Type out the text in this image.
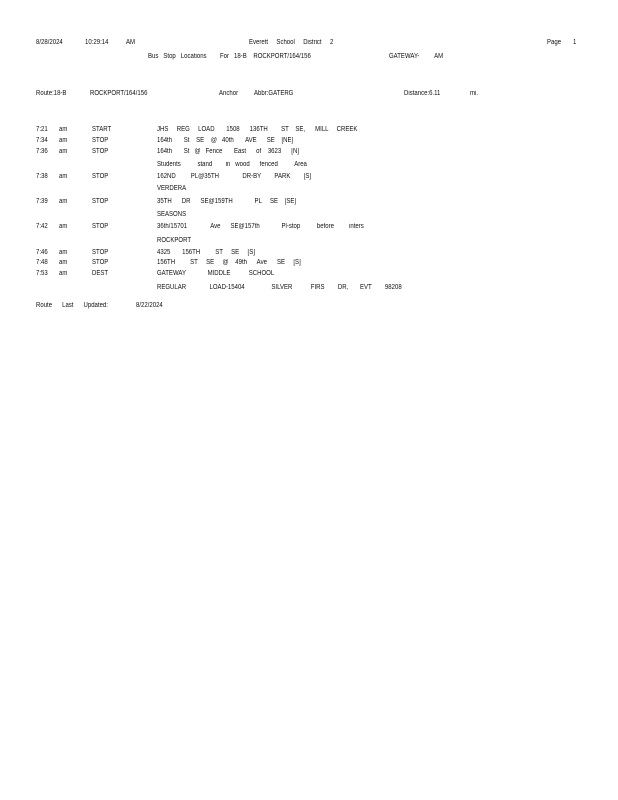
8/28/2024	10:29:14	AM	Everett     School     District     2	Page 1
Bus   Stop   Locations        For   18-B    ROCKPORT/164/156	GATEWAY-         AM
Route:18-B	ROCKPORT/164/156	Anchor Abbr:GATERG	Distance:6.11	mi.
7:21 am	START	JHS     REG     LOAD       1508      136TH        ST    SE,      MILL     CREEK
7:34 am	STOP	164th       St    SE    @   40th       AVE      SE    [NE]
7:36 am	STOP	164th       St   @   Fence       East      of    3623      [N]
Students          stand        in   wood      fenced          Area
7:38 am	STOP	162ND         PL@35TH              DR-BY        PARK        [S]
VERDERA
7:39 am	STOP	35TH      DR      SE@159TH             PL     SE    [SE]
SEASONS
7:42 am	STOP	36th/15701              Ave      SE@157th             Pl-stop          before         inters
ROCKPORT
7:46 am	STOP	4325       156TH         ST     SE     [S]
7:48 am	STOP	156TH         ST     SE     @    49th      Ave      SE     [S]
7:53 am	DEST	GATEWAY             MIDDLE           SCHOOL
REGULAR              LOAD-15404                SILVER           FIRS        DR,       EVT        98208
Route      Last      Updated:	8/22/2024
